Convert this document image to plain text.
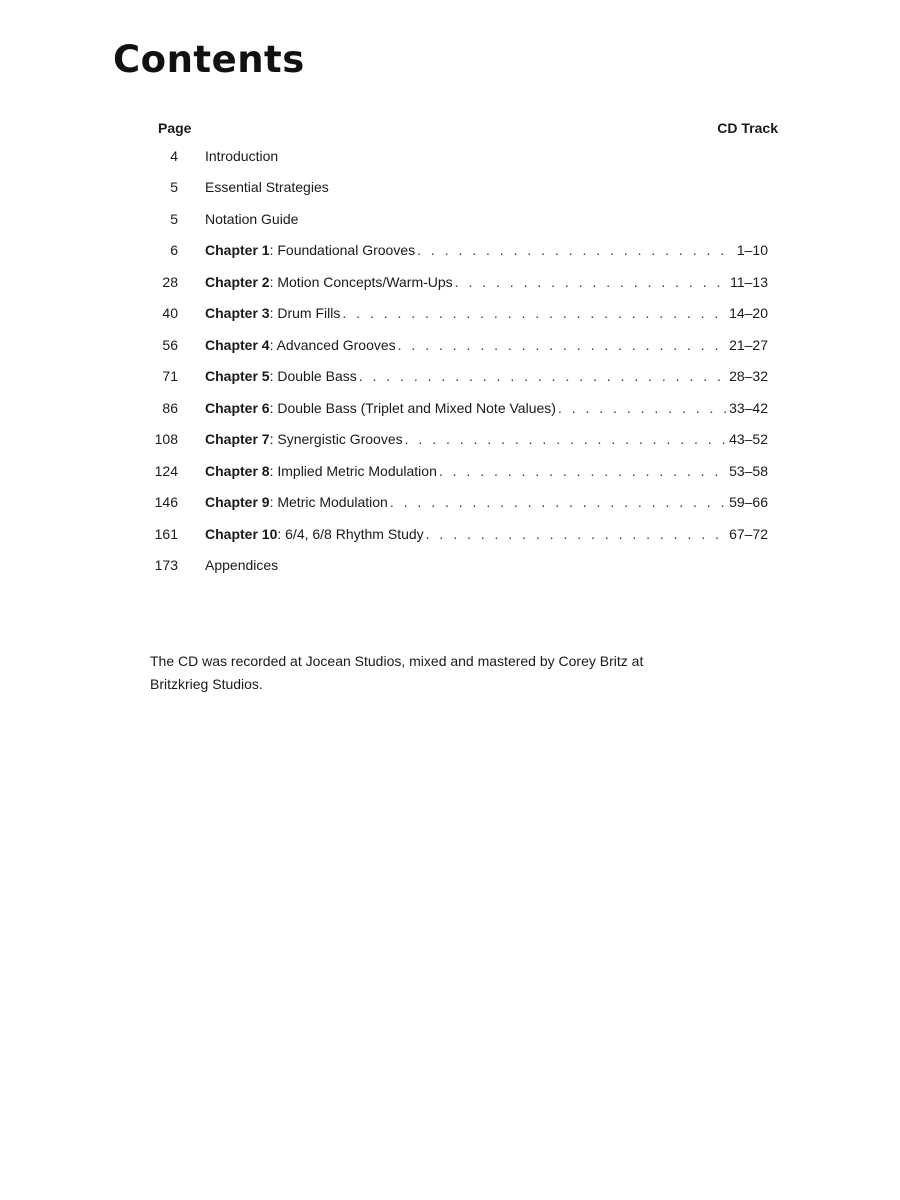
Contents
Page	CD Track
4 Introduction
5 Essential Strategies
5 Notation Guide
6 Chapter 1 : Foundational Grooves . . .	1–10
28 Chapter 2 : Motion Concepts/Warm-Ups . . .	11–13
40 Chapter 3 : Drum Fills . . .	14–20
56 Chapter 4 : Advanced Grooves . . .	21–27
71 Chapter 5 : Double Bass . . .	28–32
86 Chapter 6 : Double Bass (Triplet and Mixed Note Values) . . .	33–42
108 Chapter 7 : Synergistic Grooves . . .	43–52
124 Chapter 8 : Implied Metric Modulation . . .	53–58
146 Chapter 9 : Metric Modulation . . .	59–66
161 Chapter 10 : 6/4, 6/8 Rhythm Study . . .	67–72
173 Appendices
The CD was recorded at Jocean Studios, mixed and mastered by Corey Britz at
Britzkrieg Studios.
